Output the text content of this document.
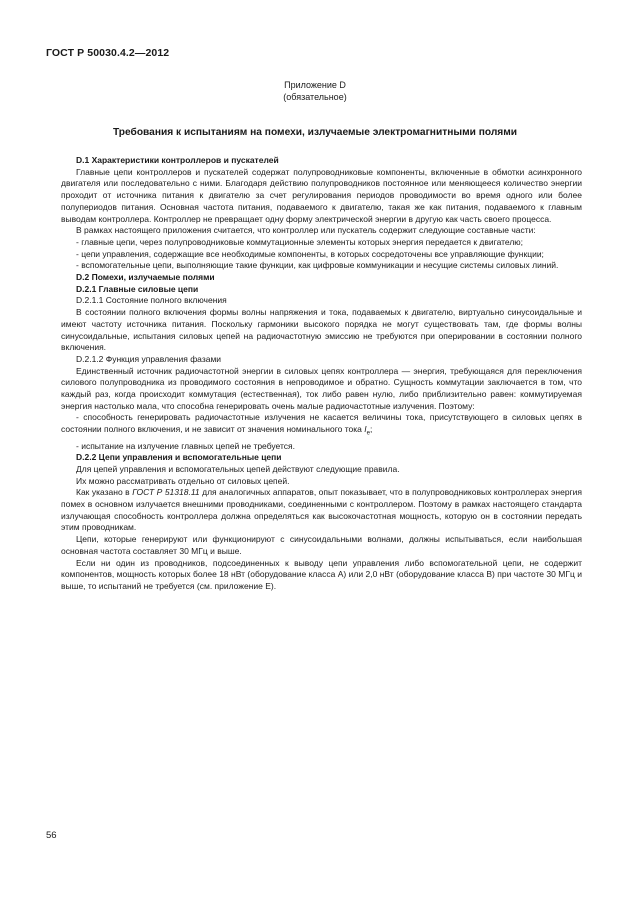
ГОСТ Р 50030.4.2—2012
Приложение D
(обязательное)
Требования к испытаниям на помехи, излучаемые электромагнитными полями

D.1 Характеристики контроллеров и пускателей

Главные цепи контроллеров и пускателей содержат полупроводниковые компоненты, включенные в обмотки асинхронного двигателя или последовательно с ними. Благодаря действию полупроводников постоянное или меняющееся количество энергии проходит от источника питания к двигателю за счет регулирования периодов проводимости во время одного или более полупериодов питания. Основная частота питания, подаваемого к двигателю, такая же как питания, подаваемого к главным выводам контроллера. Контроллер не превращает одну форму электрической энергии в другую как часть своего процесса.

В рамках настоящего приложения считается, что контроллер или пускатель содержит следующие составные части:

- главные цепи, через полупроводниковые коммутационные элементы которых энергия передается к двигателю;

- цепи управления, содержащие все необходимые компоненты, в которых сосредоточены все управляющие функции;

- вспомогательные цепи, выполняющие такие функции, как цифровые коммуникации и несущие системы силовых линий.

D.2 Помехи, излучаемые полями

D.2.1 Главные силовые цепи

D.2.1.1 Состояние полного включения

В состоянии полного включения формы волны напряжения и тока, подаваемых к двигателю, виртуально синусоидальные и имеют частоту источника питания. Поскольку гармоники высокого порядка не могут существовать там, где формы волны синусоидальные, испытания силовых цепей на радиочастотную эмиссию не требуются при оперировании в состоянии полного включения.

D.2.1.2 Функция управления фазами

Единственный источник радиочастотной энергии в силовых цепях контроллера — энергия, требующаяся для переключения силового полупроводника из проводимого состояния в непроводимое и обратно. Сущность коммутации заключается в том, что каждый раз, когда происходит коммутация (естественная), ток либо равен нулю, либо приблизительно равен: коммутируемая энергия настолько мала, что способна генерировать очень малые радиочастотные излучения. Поэтому:

- способность генерировать радиочастотные излучения не касается величины тока, присутствующего в силовых цепях в состоянии полного включения, и не зависит от значения номинального тока $I_e$;

- испытание на излучение главных цепей не требуется.

D.2.2 Цепи управления и вспомогательные цепи

Для цепей управления и вспомогательных цепей действуют следующие правила.

Их можно рассматривать отдельно от силовых цепей.

Как указано в ГОСТ Р 51318.11 для аналогичных аппаратов, опыт показывает, что в полупроводниковых контроллерах энергия помех в основном излучается внешними проводниками, соединенными с контроллером. Поэтому в рамках настоящего стандарта излучающая способность контроллера должна определяться как высокочастотная мощность, которую он в состоянии передать этим проводникам.

Цепи, которые генерируют или функционируют с синусоидальными волнами, должны испытываться, если наибольшая основная частота составляет 30 МГц и выше.

Если ни один из проводников, подсоединенных к выводу цепи управления либо вспомогательной цепи, не содержит компонентов, мощность которых более 18 нВт (оборудование класса А) или 2,0 нВт (оборудование класса В) при частоте 30 МГц и выше, то испытаний не требуется (см. приложение Е).

56
